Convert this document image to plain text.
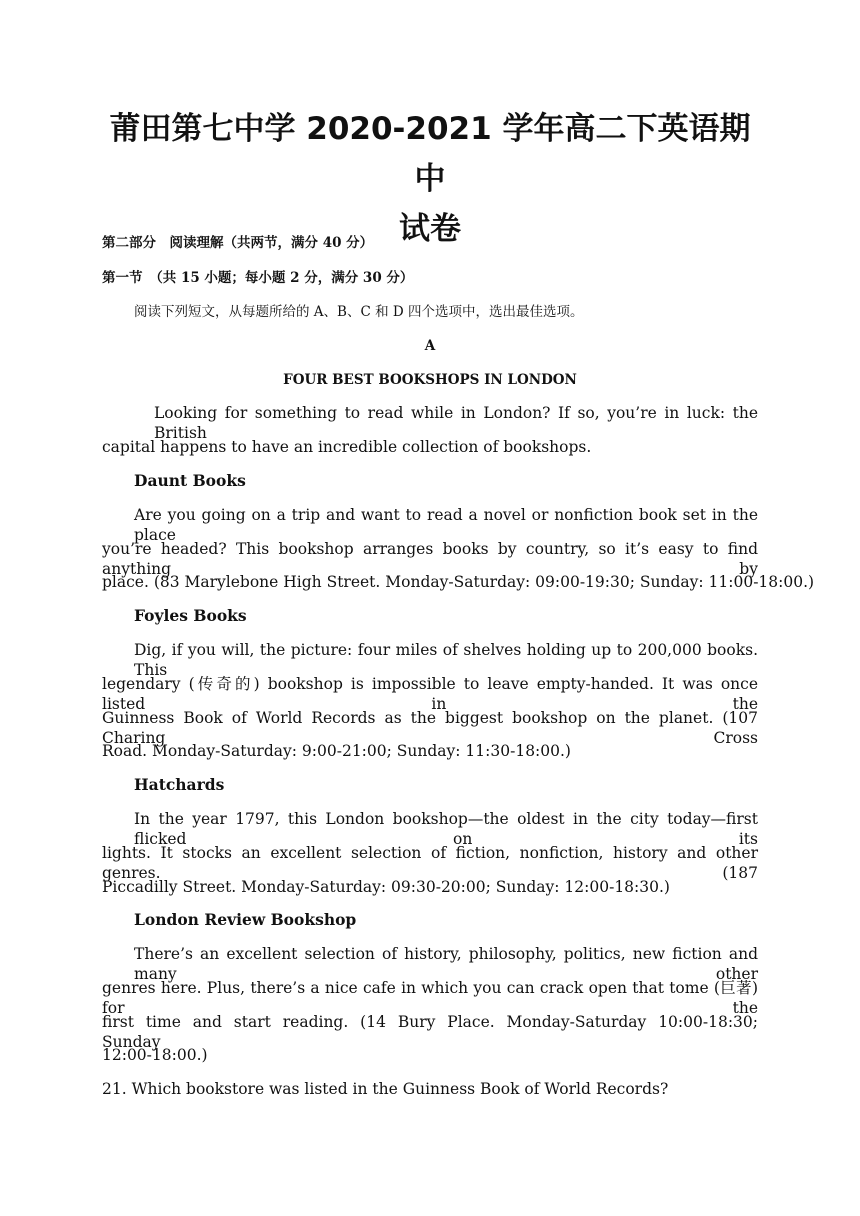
莆田第七中学 2020-2021 学年高二下英语期中
试卷

第二部分　阅读理解（共两节，满分 40 分）

第一节　（共 15 小题；每小题 2 分，满分 30 分）

阅读下列短文，从每题所给的 A、B、C 和 D 四个选项中，选出最佳选项。

A

FOUR BEST BOOKSHOPS IN LONDON

Looking for something to read while in London? If so, you’re in luck: the British

capital happens to have an incredible collection of bookshops.

Daunt Books

Are you going on a trip and want to read a novel or nonfiction book set in the place

you’re headed? This bookshop arranges books by country, so it’s easy to find anything by

place. (83 Marylebone High Street. Monday-Saturday: 09:00-19:30; Sunday: 11:00-18:00.)

Foyles Books

Dig, if you will, the picture: four miles of shelves holding up to 200,000 books. This

legendary (传奇的) bookshop is impossible to leave empty-handed. It was once listed in the

Guinness Book of World Records as the biggest bookshop on the planet. (107 Charing Cross

Road. Monday-Saturday: 9:00-21:00; Sunday: 11:30-18:00.)

Hatchards

In the year 1797, this London bookshop—the oldest in the city today—first flicked on its

lights. It stocks an excellent selection of fiction, nonfiction, history and other genres. (187

Piccadilly Street. Monday-Saturday: 09:30-20:00; Sunday: 12:00-18:30.)

London Review Bookshop

There’s an excellent selection of history, philosophy, politics, new fiction and many other

genres here. Plus, there’s a nice cafe in which you can crack open that tome (巨著) for the

first time and start reading. (14 Bury Place. Monday-Saturday 10:00-18:30; Sunday

12:00-18:00.)

21. Which bookstore was listed in the Guinness Book of World Records?
